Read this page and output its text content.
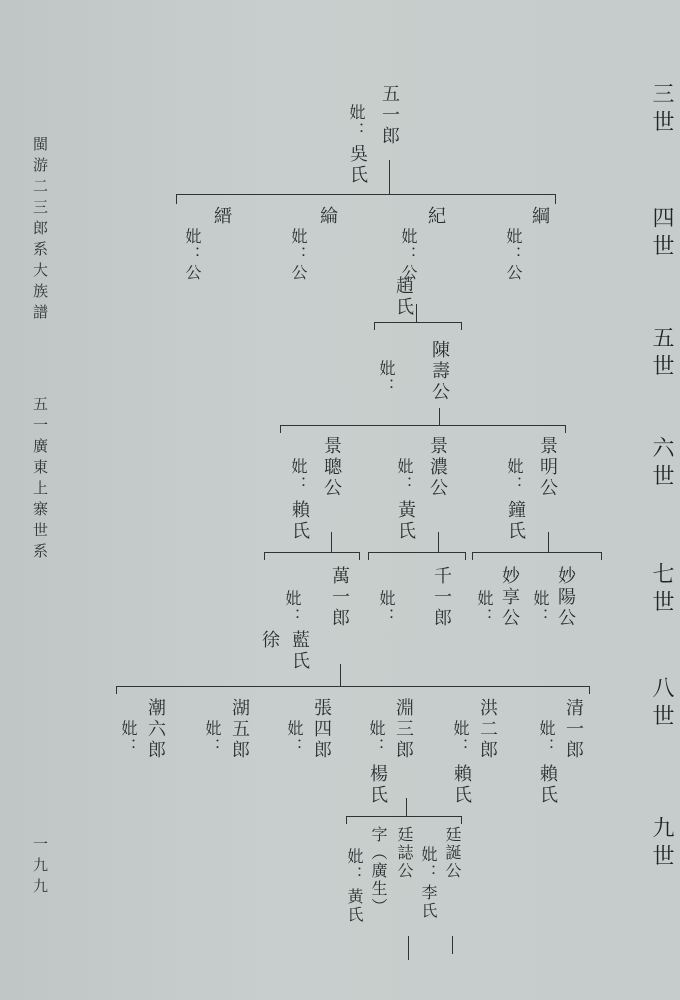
閩游二三郎系大族譜
五一廣東上寨世系
一九九
三世
四世
五世
六世
七世
八世
九世
五一郎
妣：
吳氏
綱
妣：公
紀
妣：公
趙氏
綸
妣：公
縉
妣：公
陳壽公
妣：
景明公
妣：
鐘氏
景濃公
妣：
黃氏
景聰公
妣：
賴氏
妙陽公
妣：
妙享公
妣：
千一郎
妣：
萬一郎
妣：
藍氏
徐
清一郎
妣：
賴氏
洪二郎
妣：
賴氏
淵三郎
妣：
楊氏
張四郎
妣：
湖五郎
妣：
潮六郎
妣：
廷誕公
妣：
李氏
廷誌公
字（廣生）
妣：
黃氏
